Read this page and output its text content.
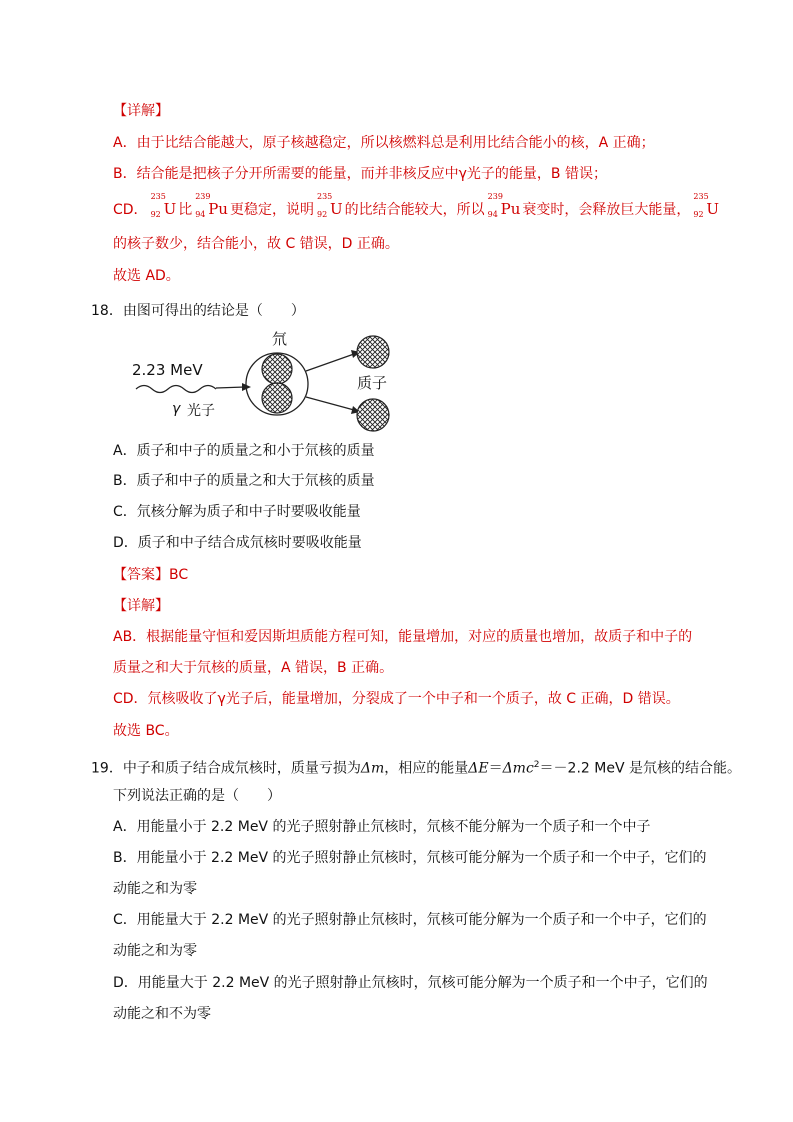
【详解】
A．由于比结合能越大，原子核越稳定，所以核燃料总是利用比结合能小的核，A 正确；
B．结合能是把核子分开所需要的能量，而并非核反应中γ光子的能量，B 错误；
CD．
235
92 U 比
239
94 Pu 更稳定，说明
235
92 U 的比结合能较大，所以
239
94 Pu 衰变时，会释放巨大能量，
235
92 U
的核子数少，结合能小，故 C 错误，D 正确。
故选 AD。
18．由图可得出的结论是（　　）
氘
2.23 MeV
γ 光子
质子
A．质子和中子的质量之和小于氘核的质量
B．质子和中子的质量之和大于氘核的质量
C．氘核分解为质子和中子时要吸收能量
D．质子和中子结合成氘核时要吸收能量
【答案】BC
【详解】
AB．根据能量守恒和爱因斯坦质能方程可知，能量增加，对应的质量也增加，故质子和中子的
质量之和大于氘核的质量，A 错误，B 正确。
CD．氘核吸收了γ光子后，能量增加，分裂成了一个中子和一个质子，故 C 正确，D 错误。
故选 BC。
19．中子和质子结合成氘核时，质量亏损为Δm，相应的能量ΔE＝Δmc$^2$＝－2.2 MeV 是氘核的结合能。
下列说法正确的是（　　）
A．用能量小于 2.2 MeV 的光子照射静止氘核时，氘核不能分解为一个质子和一个中子
B．用能量小于 2.2 MeV 的光子照射静止氘核时，氘核可能分解为一个质子和一个中子，它们的
动能之和为零
C．用能量大于 2.2 MeV 的光子照射静止氘核时，氘核可能分解为一个质子和一个中子，它们的
动能之和为零
D．用能量大于 2.2 MeV 的光子照射静止氘核时，氘核可能分解为一个质子和一个中子，它们的
动能之和不为零
